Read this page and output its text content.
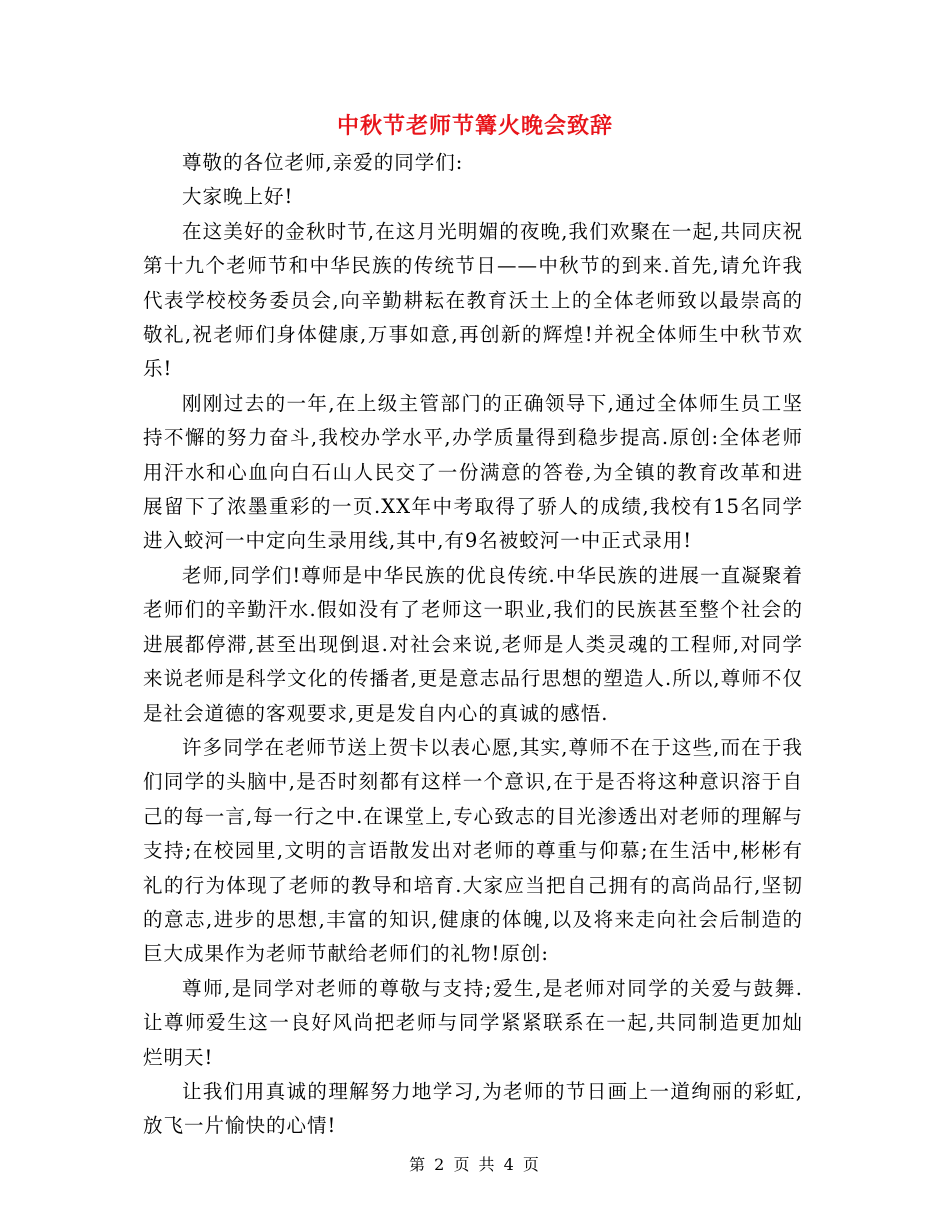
中秋节老师节篝火晚会致辞

尊敬的各位老师,亲爱的同学们:

大家晚上好!

在这美好的金秋时节,在这月光明媚的夜晚,我们欢聚在一起,共同庆祝第十九个老师节和中华民族的传统节日——中秋节的到来.首先,请允许我代表学校校务委员会,向辛勤耕耘在教育沃土上的全体老师致以最崇高的敬礼,祝老师们身体健康,万事如意,再创新的辉煌!并祝全体师生中秋节欢乐!

刚刚过去的一年,在上级主管部门的正确领导下,通过全体师生员工坚持不懈的努力奋斗,我校办学水平,办学质量得到稳步提高.原创:全体老师用汗水和心血向白石山人民交了一份满意的答卷,为全镇的教育改革和进展留下了浓墨重彩的一页.XX年中考取得了骄人的成绩,我校有15名同学进入蛟河一中定向生录用线,其中,有9名被蛟河一中正式录用!

老师,同学们!尊师是中华民族的优良传统.中华民族的进展一直凝聚着老师们的辛勤汗水.假如没有了老师这一职业,我们的民族甚至整个社会的进展都停滞,甚至出现倒退.对社会来说,老师是人类灵魂的工程师,对同学来说老师是科学文化的传播者,更是意志品行思想的塑造人.所以,尊师不仅是社会道德的客观要求,更是发自内心的真诚的感悟.

许多同学在老师节送上贺卡以表心愿,其实,尊师不在于这些,而在于我们同学的头脑中,是否时刻都有这样一个意识,在于是否将这种意识溶于自己的每一言,每一行之中.在课堂上,专心致志的目光渗透出对老师的理解与支持;在校园里,文明的言语散发出对老师的尊重与仰慕;在生活中,彬彬有礼的行为体现了老师的教导和培育.大家应当把自己拥有的高尚品行,坚韧的意志,进步的思想,丰富的知识,健康的体魄,以及将来走向社会后制造的巨大成果作为老师节献给老师们的礼物!原创:

尊师,是同学对老师的尊敬与支持;爱生,是老师对同学的关爱与鼓舞.让尊师爱生这一良好风尚把老师与同学紧紧联系在一起,共同制造更加灿烂明天!

让我们用真诚的理解努力地学习,为老师的节日画上一道绚丽的彩虹,放飞一片愉快的心情!

第 2 页 共 4 页
